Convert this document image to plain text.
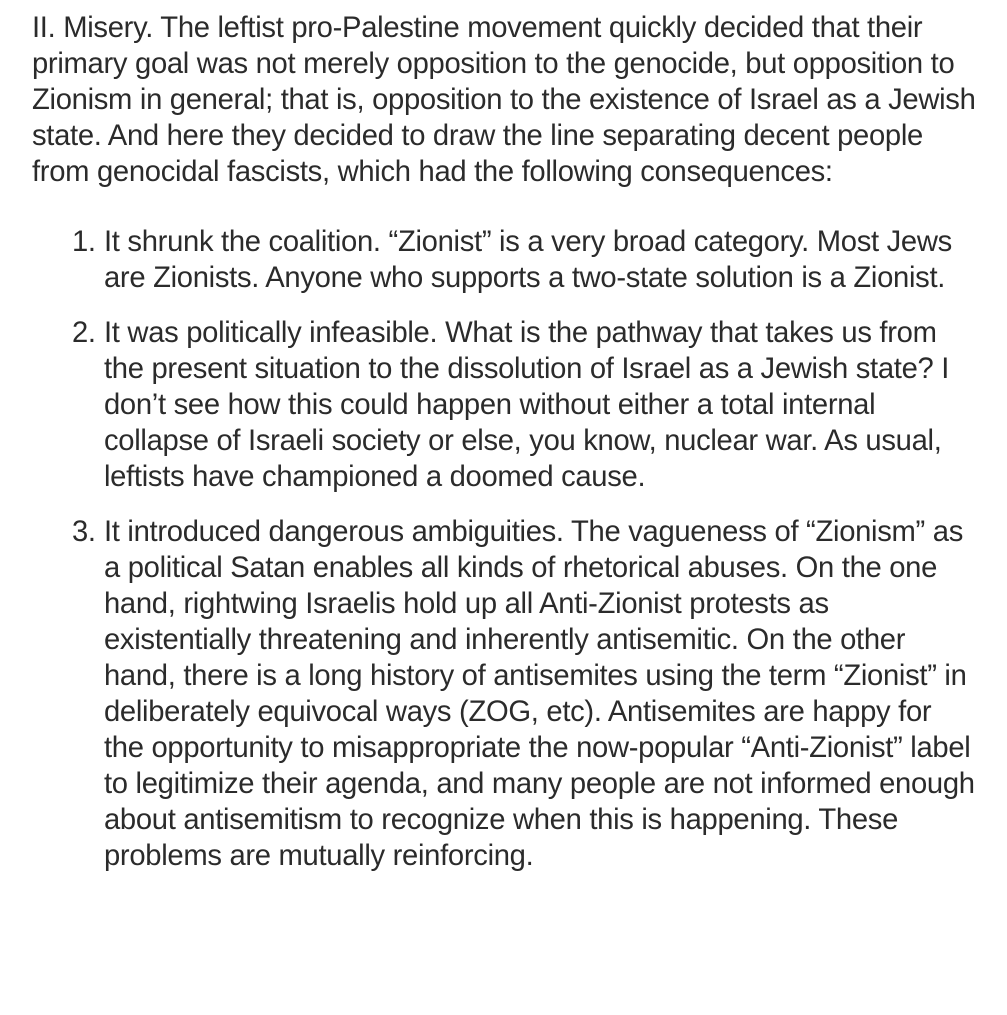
II. Misery. The leftist pro-Palestine movement quickly decided that their primary goal was not merely opposition to the genocide, but opposition to Zionism in general; that is, opposition to the existence of Israel as a Jewish state. And here they decided to draw the line separating decent people from genocidal fascists, which had the following consequences:

1. It shrunk the coalition. “Zionist” is a very broad category. Most Jews are Zionists. Anyone who supports a two-state solution is a Zionist.
2. It was politically infeasible. What is the pathway that takes us from the present situation to the dissolution of Israel as a Jewish state? I don’t see how this could happen without either a total internal collapse of Israeli society or else, you know, nuclear war. As usual, leftists have championed a doomed cause.
3. It introduced dangerous ambiguities. The vagueness of “Zionism” as a political Satan enables all kinds of rhetorical abuses. On the one hand, rightwing Israelis hold up all Anti-Zionist protests as existentially threatening and inherently antisemitic. On the other hand, there is a long history of antisemites using the term “Zionist” in deliberately equivocal ways (ZOG, etc). Antisemites are happy for the opportunity to misappropriate the now-popular “Anti-Zionist” label to legitimize their agenda, and many people are not informed enough about antisemitism to recognize when this is happening. These problems are mutually reinforcing.
